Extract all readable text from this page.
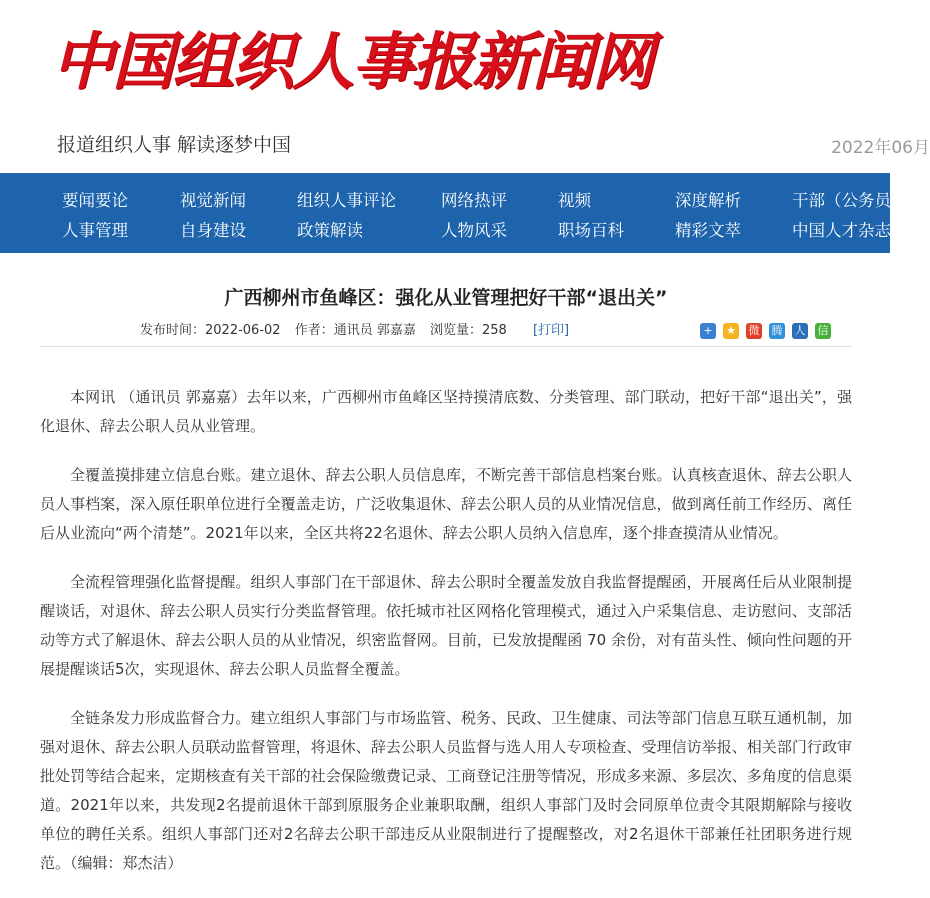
中国组织人事报新闻网
报道组织人事 解读逐梦中国	2022年06月
要闻要论	视觉新闻	组织人事评论	网络热评	视频	深度解析	干部（公务员）
人事管理	自身建设	政策解读	人物风采	职场百科	精彩文萃	中国人才杂志
广西柳州市鱼峰区：强化从业管理把好干部“退出关”
发布时间：2022-06-02 作者：通讯员 郭嘉嘉 浏览量：258 [打印]	+	★ 微 腾 人 信

本网讯 （通讯员 郭嘉嘉）去年以来，广西柳州市鱼峰区坚持摸清底数、分类管理、部门联动，把好干部“退出关”，强化退休、辞去公职人员从业管理。

全覆盖摸排建立信息台账。建立退休、辞去公职人员信息库，不断完善干部信息档案台账。认真核查退休、辞去公职人员人事档案，深入原任职单位进行全覆盖走访，广泛收集退休、辞去公职人员的从业情况信息，做到离任前工作经历、离任后从业流向“两个清楚”。2021年以来，全区共将22名退休、辞去公职人员纳入信息库，逐个排查摸清从业情况。

全流程管理强化监督提醒。组织人事部门在干部退休、辞去公职时全覆盖发放自我监督提醒函，开展离任后从业限制提醒谈话，对退休、辞去公职人员实行分类监督管理。依托城市社区网格化管理模式，通过入户采集信息、走访慰问、支部活动等方式了解退休、辞去公职人员的从业情况，织密监督网。目前，已发放提醒函 70 余份，对有苗头性、倾向性问题的开展提醒谈话5次，实现退休、辞去公职人员监督全覆盖。

全链条发力形成监督合力。建立组织人事部门与市场监管、税务、民政、卫生健康、司法等部门信息互联互通机制，加强对退休、辞去公职人员联动监督管理，将退休、辞去公职人员监督与选人用人专项检查、受理信访举报、相关部门行政审批处罚等结合起来，定期核查有关干部的社会保险缴费记录、工商登记注册等情况，形成多来源、多层次、多角度的信息渠道。2021年以来，共发现2名提前退休干部到原服务企业兼职取酬，组织人事部门及时会同原单位责令其限期解除与接收单位的聘任关系。组织人事部门还对2名辞去公职干部违反从业限制进行了提醒整改，对2名退休干部兼任社团职务进行规范。（编辑：郑杰洁）
